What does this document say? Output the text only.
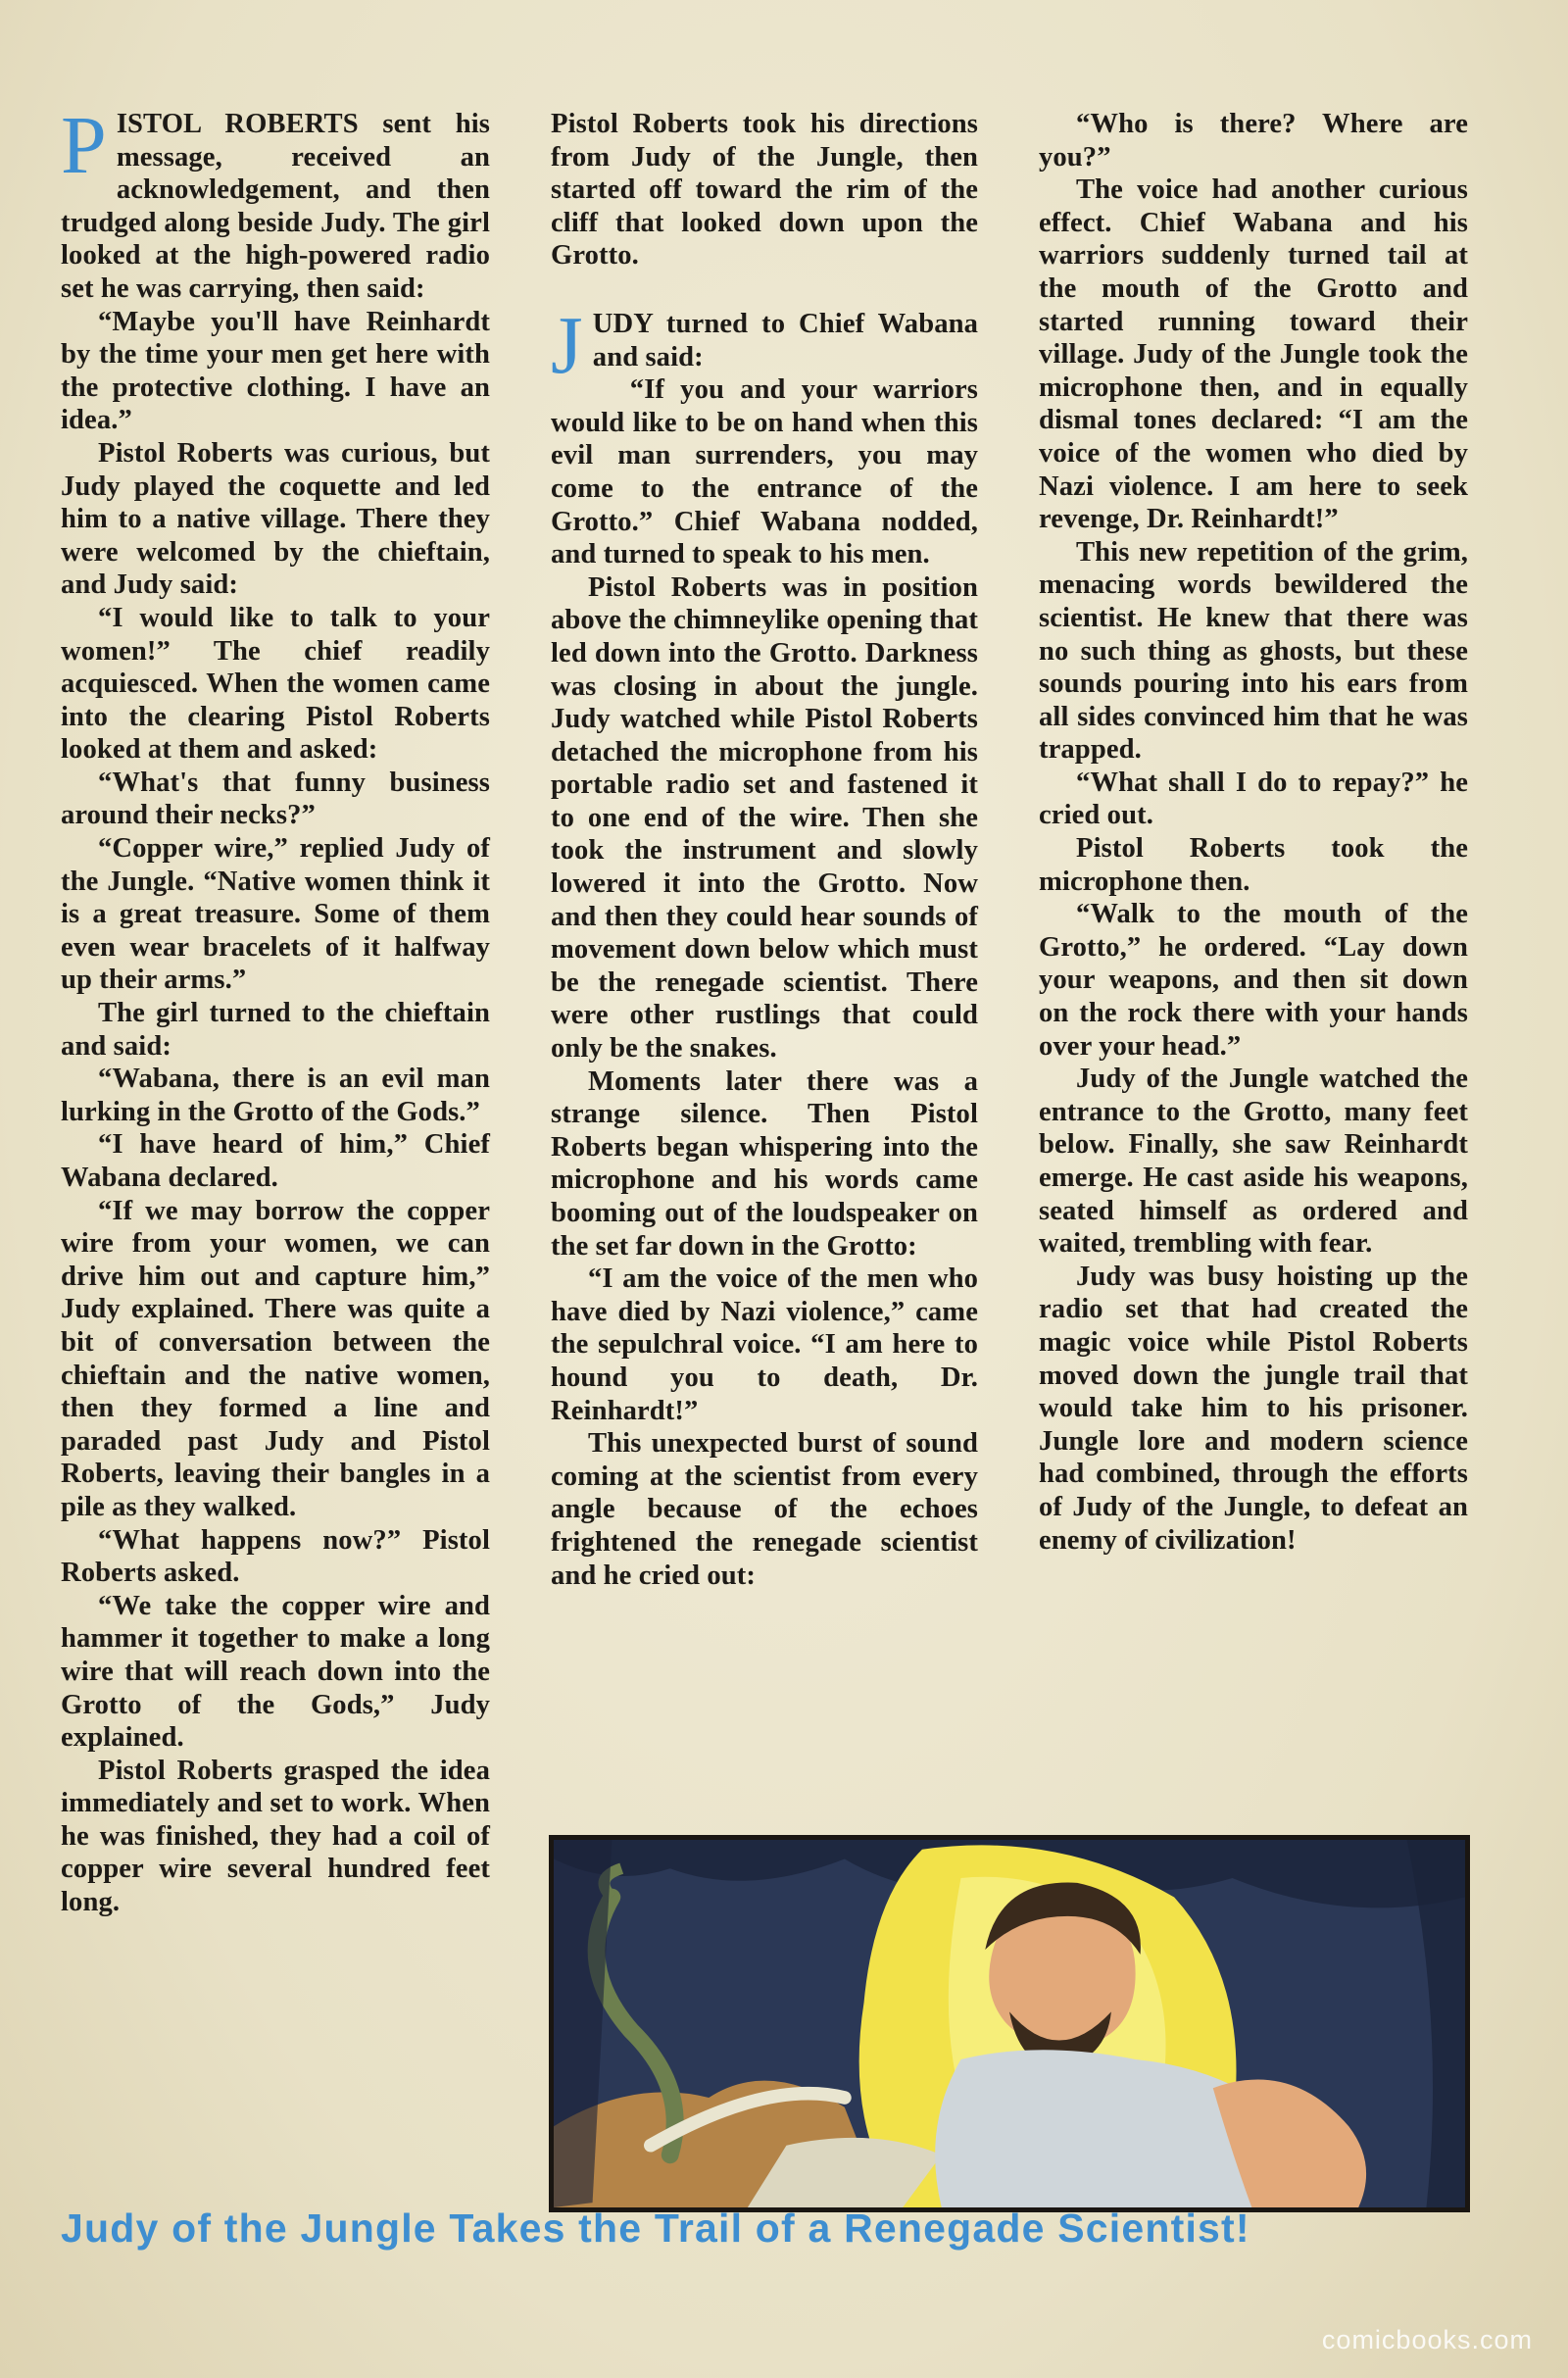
PISTOL ROBERTS sent his message, received an acknowledgement, and then trudged along beside Judy. The girl looked at the high-powered radio set he was carrying, then said:

“Maybe you'll have Reinhardt by the time your men get here with the protective clothing. I have an idea.”

Pistol Roberts was curious, but Judy played the coquette and led him to a native village. There they were welcomed by the chieftain, and Judy said:

“I would like to talk to your women!” The chief readily acquiesced. When the women came into the clearing Pistol Roberts looked at them and asked:

“What's that funny business around their necks?”

“Copper wire,” replied Judy of the Jungle. “Native women think it is a great treasure. Some of them even wear bracelets of it halfway up their arms.”

The girl turned to the chieftain and said:

“Wabana, there is an evil man lurking in the Grotto of the Gods.”

“I have heard of him,” Chief Wabana declared.

“If we may borrow the copper wire from your women, we can drive him out and capture him,” Judy explained. There was quite a bit of conversation between the chieftain and the native women, then they formed a line and paraded past Judy and Pistol Roberts, leaving their bangles in a pile as they walked.

“What happens now?” Pistol Roberts asked.

“We take the copper wire and hammer it together to make a long wire that will reach down into the Grotto of the Gods,” Judy explained.

Pistol Roberts grasped the idea immediately and set to work. When he was finished, they had a coil of copper wire several hundred feet long.

Pistol Roberts took his directions from Judy of the Jungle, then started off toward the rim of the cliff that looked down upon the Grotto.

JUDY turned to Chief Wabana and said:

“If you and your warriors would like to be on hand when this evil man surrenders, you may come to the entrance of the Grotto.” Chief Wabana nodded, and turned to speak to his men.

Pistol Roberts was in position above the chimneylike opening that led down into the Grotto. Darkness was closing in about the jungle. Judy watched while Pistol Roberts detached the microphone from his portable radio set and fastened it to one end of the wire. Then she took the instrument and slowly lowered it into the Grotto. Now and then they could hear sounds of movement down below which must be the renegade scientist. There were other rustlings that could only be the snakes.

Moments later there was a strange silence. Then Pistol Roberts began whispering into the microphone and his words came booming out of the loudspeaker on the set far down in the Grotto:

“I am the voice of the men who have died by Nazi violence,” came the sepulchral voice. “I am here to hound you to death, Dr. Reinhardt!”

This unexpected burst of sound coming at the scientist from every angle because of the echoes frightened the renegade scientist and he cried out:

“Who is there? Where are you?”

The voice had another curious effect. Chief Wabana and his warriors suddenly turned tail at the mouth of the Grotto and started running toward their village. Judy of the Jungle took the microphone then, and in equally dismal tones declared: “I am the voice of the women who died by Nazi violence. I am here to seek revenge, Dr. Reinhardt!”

This new repetition of the grim, menacing words bewildered the scientist. He knew that there was no such thing as ghosts, but these sounds pouring into his ears from all sides convinced him that he was trapped.

“What shall I do to repay?” he cried out.

Pistol Roberts took the microphone then.

“Walk to the mouth of the Grotto,” he ordered. “Lay down your weapons, and then sit down on the rock there with your hands over your head.”

Judy of the Jungle watched the entrance to the Grotto, many feet below. Finally, she saw Reinhardt emerge. He cast aside his weapons, seated himself as ordered and waited, trembling with fear.

Judy was busy hoisting up the radio set that had created the magic voice while Pistol Roberts moved down the jungle trail that would take him to his prisoner. Jungle lore and modern science had combined, through the efforts of Judy of the Jungle, to defeat an enemy of civilization!

Judy of the Jungle Takes the Trail of a Renegade Scientist!
comicbooks.com
